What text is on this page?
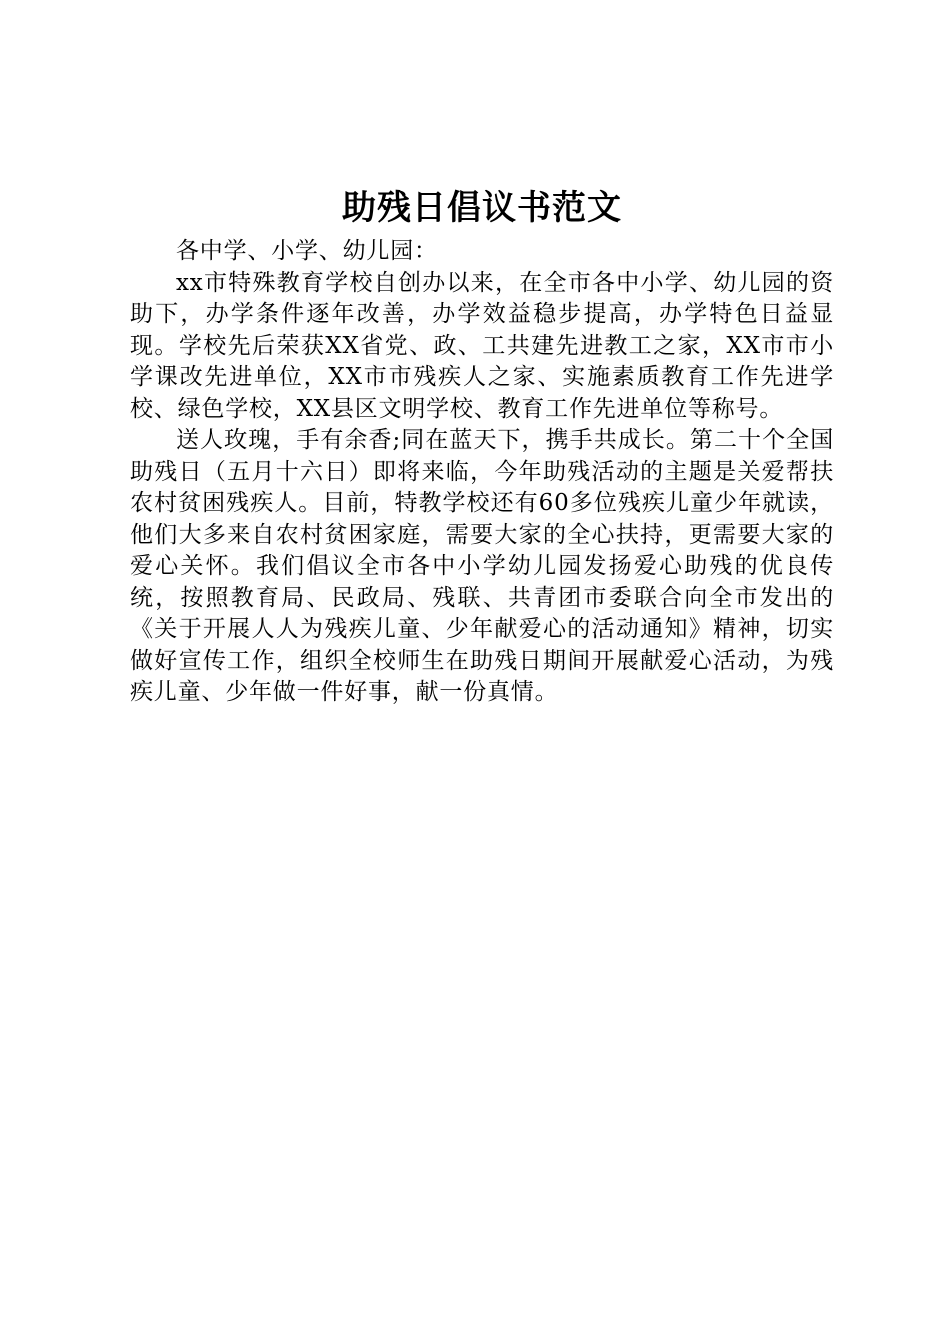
助残日倡议书范文

各中学、小学、幼儿园：

xx市特殊教育学校自创办以来，在全市各中小学、幼儿园的资助下，办学条件逐年改善，办学效益稳步提高，办学特色日益显现。学校先后荣获XX省党、政、工共建先进教工之家，XX市市小学课改先进单位，XX市市残疾人之家、实施素质教育工作先进学校、绿色学校，XX县区文明学校、教育工作先进单位等称号。

送人玫瑰，手有余香;同在蓝天下，携手共成长。第二十个全国助残日（五月十六日）即将来临，今年助残活动的主题是关爱帮扶农村贫困残疾人。目前，特教学校还有60多位残疾儿童少年就读，他们大多来自农村贫困家庭，需要大家的全心扶持，更需要大家的爱心关怀。我们倡议全市各中小学幼儿园发扬爱心助残的优良传统，按照教育局、民政局、残联、共青团市委联合向全市发出的《关于开展人人为残疾儿童、少年献爱心的活动通知》精神，切实做好宣传工作，组织全校师生在助残日期间开展献爱心活动，为残疾儿童、少年做一件好事，献一份真情。
